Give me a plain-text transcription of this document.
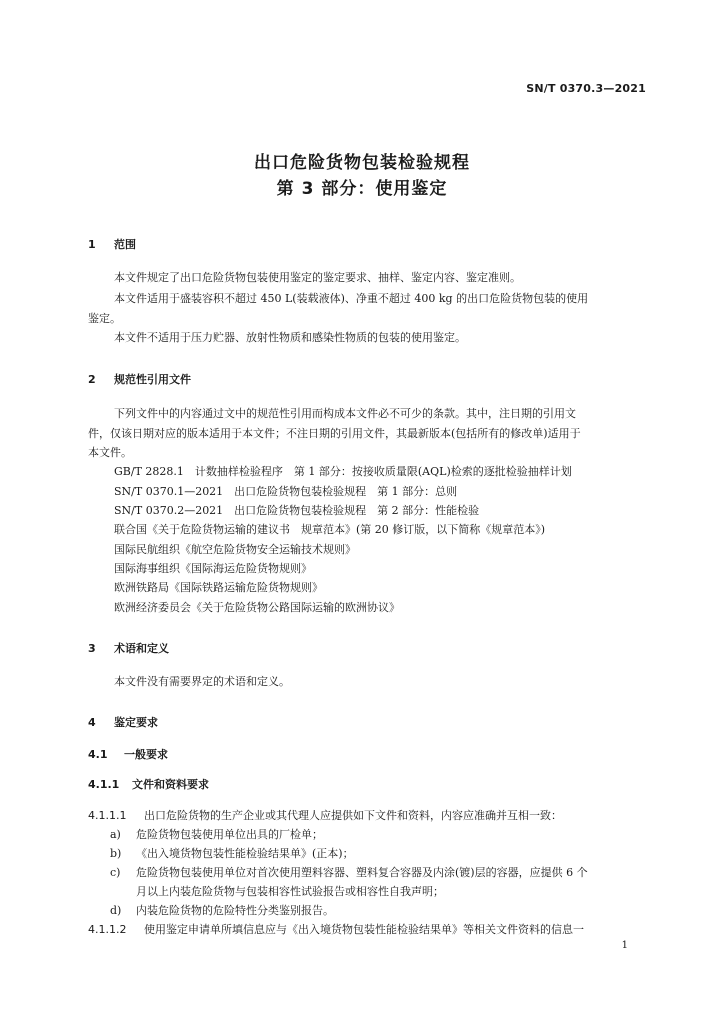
SN/T 0370.3—2021
出口危险货物包装检验规程
第 3 部分：使用鉴定
1 范围
本文件规定了出口危险货物包装使用鉴定的鉴定要求、抽样、鉴定内容、鉴定准则。
本文件适用于盛装容积不超过 450 L(装载液体)、净重不超过 400 kg 的出口危险货物包装的使用
鉴定。
本文件不适用于压力贮器、放射性物质和感染性物质的包装的使用鉴定。
2 规范性引用文件
下列文件中的内容通过文中的规范性引用而构成本文件必不可少的条款。其中，注日期的引用文
件，仅该日期对应的版本适用于本文件；不注日期的引用文件，其最新版本(包括所有的修改单)适用于
本文件。
GB/T 2828.1　计数抽样检验程序　第 1 部分：按接收质量限(AQL)检索的逐批检验抽样计划
SN/T 0370.1—2021　出口危险货物包装检验规程　第 1 部分：总则
SN/T 0370.2—2021　出口危险货物包装检验规程　第 2 部分：性能检验
联合国《关于危险货物运输的建议书　规章范本》(第 20 修订版，以下简称《规章范本》)
国际民航组织《航空危险货物安全运输技术规则》
国际海事组织《国际海运危险货物规则》
欧洲铁路局《国际铁路运输危险货物规则》
欧洲经济委员会《关于危险货物公路国际运输的欧洲协议》
3 术语和定义
本文件没有需要界定的术语和定义。
4 鉴定要求
4.1 一般要求
4.1.1 文件和资料要求
4.1.1.1 出口危险货物的生产企业或其代理人应提供如下文件和资料，内容应准确并互相一致：
a) 危险货物包装使用单位出具的厂检单；
b) 《出入境货物包装性能检验结果单》(正本)；
c) 危险货物包装使用单位对首次使用塑料容器、塑料复合容器及内涂(镀)层的容器，应提供 6 个
月以上内装危险货物与包装相容性试验报告或相容性自我声明；
d) 内装危险货物的危险特性分类鉴别报告。
4.1.1.2 使用鉴定申请单所填信息应与《出入境货物包装性能检验结果单》等相关文件资料的信息一
1
